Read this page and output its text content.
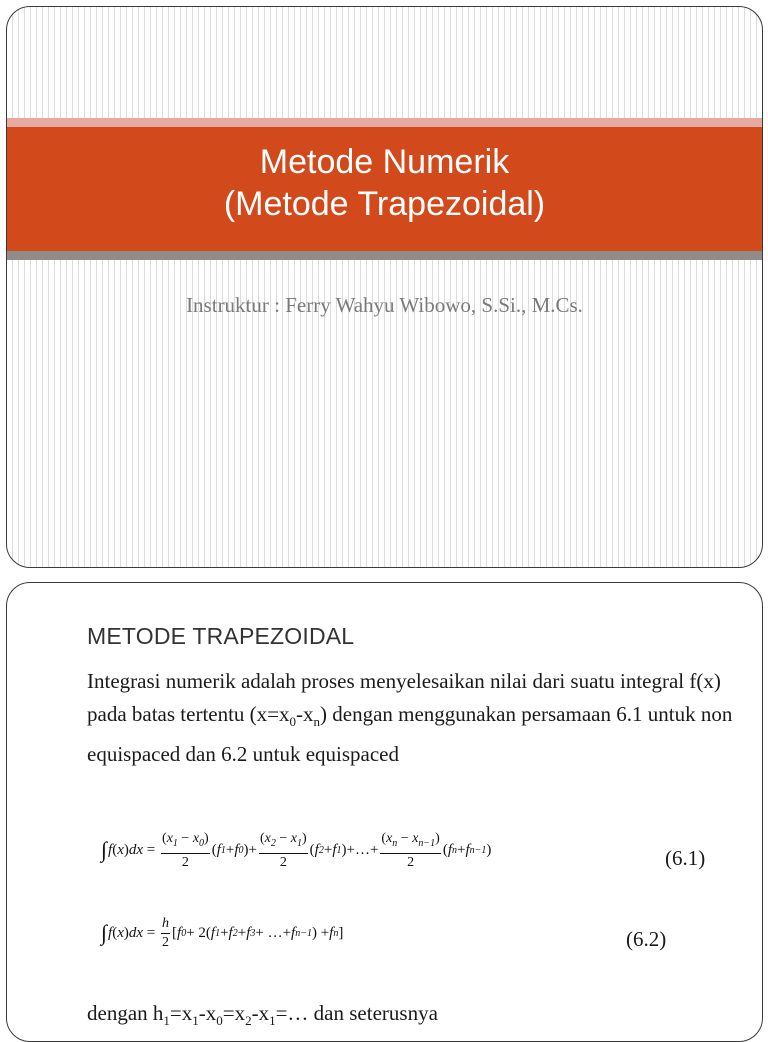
Metode Numerik
(Metode Trapezoidal)
Instruktur : Ferry Wahyu Wibowo, S.Si., M.Cs.
METODE TRAPEZOIDAL
Integrasi numerik adalah proses menyelesaikan nilai dari suatu integral f(x) pada batas tertentu $(x=x_0-x_n)$ dengan menggunakan persamaan 6.1 untuk non equispaced dan 6.2 untuk equispaced
∫ f ( x ) dx = $\frac{(x_1 - x_0)}{2}$ ( f 1 + f 0 )+ $\frac{(x_2 - x_1)}{2}$ ( f 2 + f 1 )+…+ $\frac{(x_n - x_{n-1})}{2}$ ( f n + f n−1 )	(6.1)
∫ f ( x ) dx = $\frac{h}{2}$ [ f 0 + 2( f 1 + f 2 + f 3 + …+ f n−1 ) + f n ]	(6.2)
dengan $h_1=x_1-x_0=x_2-x_1=\dots$ dan seterusnya
